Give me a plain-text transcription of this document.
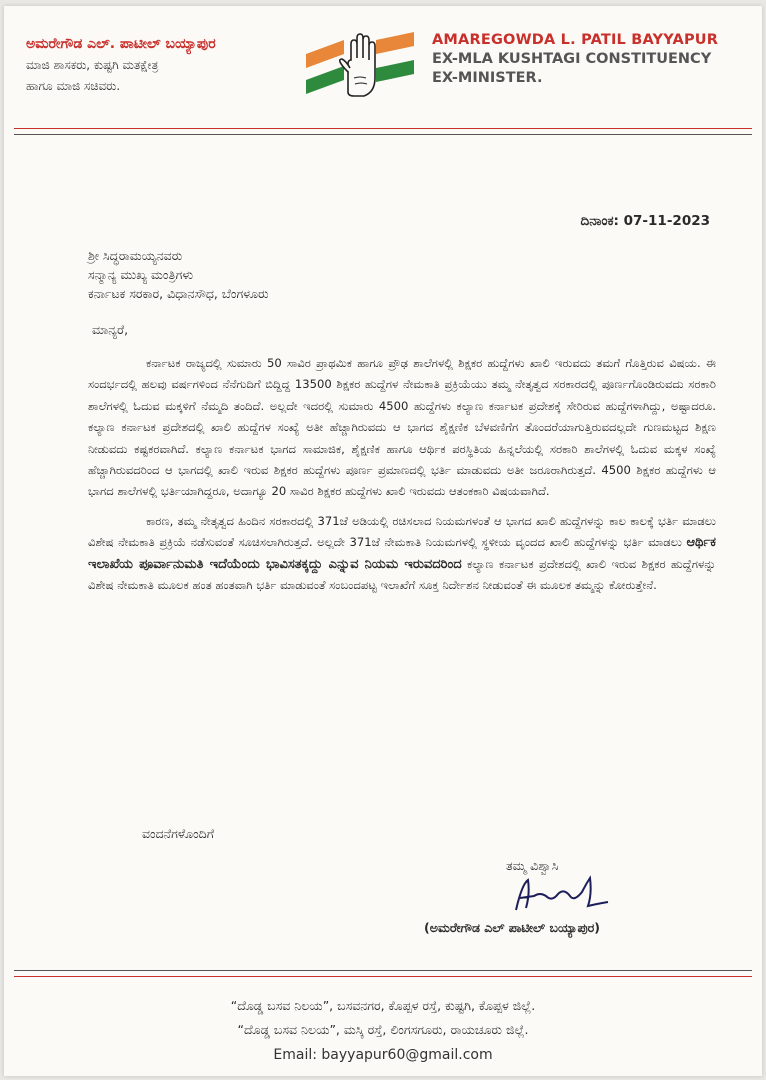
ಅಮರೇಗೌಡ ಎಲ್. ಪಾಟೀಲ್ ಬಯ್ಯಾಪುರ
ಮಾಜಿ ಶಾಸಕರು, ಕುಷ್ಟಗಿ ಮತಕ್ಷೇತ್ರ
ಹಾಗೂ ಮಾಜಿ ಸಚಿವರು.
AMAREGOWDA L. PATIL BAYYAPUR
EX-MLA KUSHTAGI CONSTITUENCY
EX-MINISTER.
ದಿನಾಂಕ: 07-11-2023
ಶ್ರೀ ಸಿದ್ಧರಾಮಯ್ಯನವರು
ಸನ್ಮಾನ್ಯ ಮುಖ್ಯ ಮಂತ್ರಿಗಳು
ಕರ್ನಾಟಕ ಸರಕಾರ, ವಿಧಾನಸೌಧ, ಬೆಂಗಳೂರು
ಮಾನ್ಯರೆ,

ಕರ್ನಾಟಕ ರಾಜ್ಯದಲ್ಲಿ ಸುಮಾರು 50 ಸಾವಿರ ಪ್ರಾಥಮಿಕ ಹಾಗೂ ಪ್ರೌಢ ಶಾಲೆಗಳಲ್ಲಿ ಶಿಕ್ಷಕರ ಹುದ್ದೆಗಳು ಖಾಲಿ ಇರುವದು ತಮಗೆ ಗೊತ್ತಿರುವ ವಿಷಯ. ಈ ಸಂದರ್ಭದಲ್ಲಿ ಹಲವು ವರ್ಷಗಳಿಂದ ನೆನೆಗುದಿಗೆ ಬಿದ್ದಿದ್ದ 13500 ಶಿಕ್ಷಕರ ಹುದ್ದೆಗಳ ನೇಮಕಾತಿ ಪ್ರಕ್ರಿಯೆಯು ತಮ್ಮ ನೇತೃತ್ವದ ಸರಕಾರದಲ್ಲಿ ಪೂರ್ಣಗೊಂಡಿರುವದು ಸರಕಾರಿ ಶಾಲೆಗಳಲ್ಲಿ ಓದುವ ಮಕ್ಕಳಿಗೆ ನೆಮ್ಮದಿ ತಂದಿದೆ. ಅಲ್ಲದೇ ಇದರಲ್ಲಿ ಸುಮಾರು 4500 ಹುದ್ದೆಗಳು ಕಲ್ಯಾಣ ಕರ್ನಾಟಕ ಪ್ರದೇಶಕ್ಕೆ ಸೇರಿರುವ ಹುದ್ದೆಗಳಾಗಿದ್ದು, ಅಷ್ಟಾದರೂ. ಕಲ್ಯಾಣ ಕರ್ನಾಟಕ ಪ್ರದೇಶದಲ್ಲಿ ಖಾಲಿ ಹುದ್ದೆಗಳ ಸಂಖ್ಯೆ ಅತೀ ಹೆಚ್ಚಾಗಿರುವದು ಆ ಭಾಗದ ಶೈಕ್ಷಣಿಕ ಬೆಳವಣಿಗೆಗ ತೊಂದರೆಯಾಗುತ್ತಿರುವದಲ್ಲದೇ ಗುಣಮಟ್ಟದ ಶಿಕ್ಷಣ ನೀಡುವದು ಕಷ್ಟಕರವಾಗಿದೆ. ಕಲ್ಯಾಣ ಕರ್ನಾಟಕ ಭಾಗದ ಸಾಮಾಜಿಕ, ಶೈಕ್ಷಣಿಕ ಹಾಗೂ ಆರ್ಥಿಕ ಪರಸ್ಥಿತಿಯ ಹಿನ್ನಲೆಯಲ್ಲಿ ಸರಕಾರಿ ಶಾಲೆಗಳಲ್ಲಿ ಓದುವ ಮಕ್ಕಳ ಸಂಖ್ಯೆ ಹೆಚ್ಚಾಗಿರುವದರಿಂದ ಆ ಭಾಗದಲ್ಲಿ ಖಾಲಿ ಇರುವ ಶಿಕ್ಷಕರ ಹುದ್ದೆಗಳು ಪೂರ್ಣ ಪ್ರಮಾಣದಲ್ಲಿ ಭರ್ತಿ ಮಾಡುವದು ಅತೀ ಜರೂರಾಗಿರುತ್ತದೆ. 4500 ಶಿಕ್ಷಕರ ಹುದ್ದೆಗಳು ಆ ಭಾಗದ ಶಾಲೆಗಳಲ್ಲಿ ಭರ್ತಿಯಾಗಿದ್ದರೂ, ಅದಾಗ್ಯೂ 20 ಸಾವಿರ ಶಿಕ್ಷಕರ ಹುದ್ದೆಗಳು ಖಾಲಿ ಇರುವದು ಆತಂಕಕಾರಿ ವಿಷಯವಾಗಿದೆ.

ಕಾರಣ, ತಮ್ಮ ನೇತೃತ್ವದ ಹಿಂದಿನ ಸರಕಾರದಲ್ಲಿ 371ಜೆ ಅಡಿಯಲ್ಲಿ ರಚಿಸಲಾದ ನಿಯಮಗಳಂತೆ ಆ ಭಾಗದ ಖಾಲಿ ಹುದ್ದೆಗಳನ್ನು ಕಾಲ ಕಾಲಕ್ಕೆ ಭರ್ತಿ ಮಾಡಲು ವಿಶೇಷ ನೇಮಕಾತಿ ಪ್ರಕ್ರಿಯೆ ನಡೆಸುವಂತೆ ಸೂಚಿಸಲಾಗಿರುತ್ತದೆ. ಅಲ್ಲದೇ 371ಜೆ ನೇಮಕಾತಿ ನಿಯಮಗಳಲ್ಲಿ ಸ್ಥಳೀಯ ವೃಂದದ ಖಾಲಿ ಹುದ್ದೆಗಳನ್ನು ಭರ್ತಿ ಮಾಡಲು ಆರ್ಥಿಕ ಇಲಾಖೆಯ ಪೂರ್ವಾನುಮತಿ ಇದೆಯೆಂದು ಭಾವಿಸತಕ್ಕದ್ದು ಎನ್ನುವ ನಿಯಮ ಇರುವದರಿಂದ ಕಲ್ಯಾಣ ಕರ್ನಾಟಕ ಪ್ರದೇಶದಲ್ಲಿ ಖಾಲಿ ಇರುವ ಶಿಕ್ಷಕರ ಹುದ್ದೆಗಳನ್ನು ವಿಶೇಷ ನೇಮಕಾತಿ ಮೂಲಕ ಹಂತ ಹಂತವಾಗಿ ಭರ್ತಿ ಮಾಡುವಂತೆ ಸಂಬಂದಪಟ್ಟ ಇಲಾಖೆಗೆ ಸೂಕ್ತ ನಿರ್ದೇಶನ ನೀಡುವಂತೆ ಈ ಮೂಲಕ ತಮ್ಮನ್ನು ಕೋರುತ್ತೇನೆ.

ವಂದನೆಗಳೊಂದಿಗೆ
ತಮ್ಮ ವಿಶ್ವಾಸಿ
(ಅಮರೇಗೌಡ ಎಲ್ ಪಾಟೀಲ್ ಬಯ್ಯಾಪುರ)
“ದೊಡ್ಡ ಬಸವ ನಿಲಯ”, ಬಸವನಗರ, ಕೊಪ್ಪಳ ರಸ್ತೆ, ಕುಷ್ಟಗಿ, ಕೊಪ್ಪಳ ಜಿಲ್ಲೆ.
“ದೊಡ್ಡ ಬಸವ ನಿಲಯ”, ಮಸ್ಕಿ ರಸ್ತೆ, ಲಿಂಗಸಗೂರು, ರಾಯಚೂರು ಜಿಲ್ಲೆ.
Email: bayyapur60@gmail.com
